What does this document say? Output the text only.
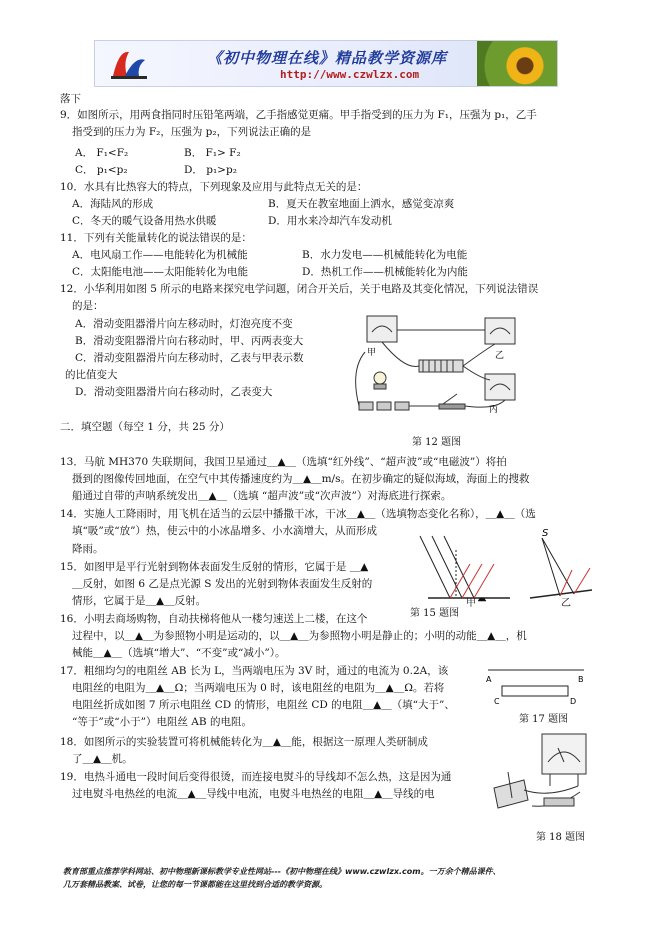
《初中物理在线》精品教学资源库
http://www.czwlzx.com
落下
9．如图所示，用两食指同时压铅笔两端，乙手指感觉更痛。甲手指受到的压力为 F₁，压强为 p₁，乙手
指受到的压力为 F₂，压强为 p₂，下列说法正确的是
A． F₁<F₂	B． F₁> F₂
C． p₁<p₂	D． p₁>p₂
10．水具有比热容大的特点，下列现象及应用与此特点无关的是：
A．海陆风的形成	B．夏天在教室地面上洒水，感觉变凉爽
C．冬天的暖气设备用热水供暖	D．用水来冷却汽车发动机
11．下列有关能量转化的说法错误的是：
A．电风扇工作——电能转化为机械能	B．水力发电——机械能转化为电能
C．太阳能电池——太阳能转化为电能	D．热机工作——机械能转化为内能
12．小华利用如图 5 所示的电路来探究电学问题，闭合开关后，关于电路及其变化情况，下列说法错误
的是：
A．滑动变阻器滑片向左移动时，灯泡亮度不变
B．滑动变阻器滑片向右移动时，甲、丙两表变大
C．滑动变阻器滑片向左移动时，乙表与甲表示数
的比值变大
D．滑动变阻器滑片向右移动时，乙表变大
二．填空题（每空 1 分，共 25 分）
13．马航 MH370 失联期间，我国卫星通过＿▲＿（选填“红外线”、“超声波”或“电磁波”）将拍
摄到的图像传回地面，在空气中其传播速度约为＿▲＿m/s。在初步确定的疑似海域，海面上的搜救
船通过自带的声呐系统发出＿▲＿（选填 “超声波”或“次声波”）对海底进行探索。
14．实施人工降雨时，用飞机在适当的云层中播撒干冰，干冰＿▲＿（选填物态变化名称），＿▲＿（选
填“吸”或“放”）热，使云中的小冰晶增多、小水滴增大，从而形成
降雨。
15．如图甲是平行光射到物体表面发生反射的情形，它属于是 ＿▲
＿反射，如图 6 乙是点光源 S 发出的光射到物体表面发生反射的
情形，它属于是＿▲＿反射。
16．小明去商场购物，自动扶梯将他从一楼匀速送上二楼，在这个
过程中，以＿▲＿为参照物小明是运动的，以＿▲＿为参照物小明是静止的；小明的动能＿▲＿，机
械能＿▲＿（选填“增大”、“不变”或“减小”）。
17．粗细均匀的电阻丝 AB 长为 L，当两端电压为 3V 时，通过的电流为 0.2A，该
电阻丝的电阻为＿▲＿Ω；当两端电压为 0 时，该电阻丝的电阻为＿▲＿Ω。若将
电阻丝折成如图 7 所示电阻丝 CD 的情形，电阻丝 CD 的电阻＿▲＿（填“大于”、
“等于”或“小于”）电阻丝 AB 的电阻。
18．如图所示的实验装置可将机械能转化为＿▲＿能，根据这一原理人类研制成
了＿▲＿机。
19．电热斗通电一段时间后变得很烫，而连接电熨斗的导线却不怎么热，这是因为通
过电熨斗电热丝的电流＿▲＿导线中电流，电熨斗电热丝的电阻＿▲＿导线的电
甲	乙
丙
第 12 题图
S
第 15 题图
甲	乙
A	B
C	D
第 17 题图
第 18 题图
教育部重点推荐学科网站、初中物理新课标教学专业性网站---《初中物理在线》www.czwlzx.com。一万余个精品课件、
几万套精品教案、试卷，让您的每一节课都能在这里找到合适的教学资源。
